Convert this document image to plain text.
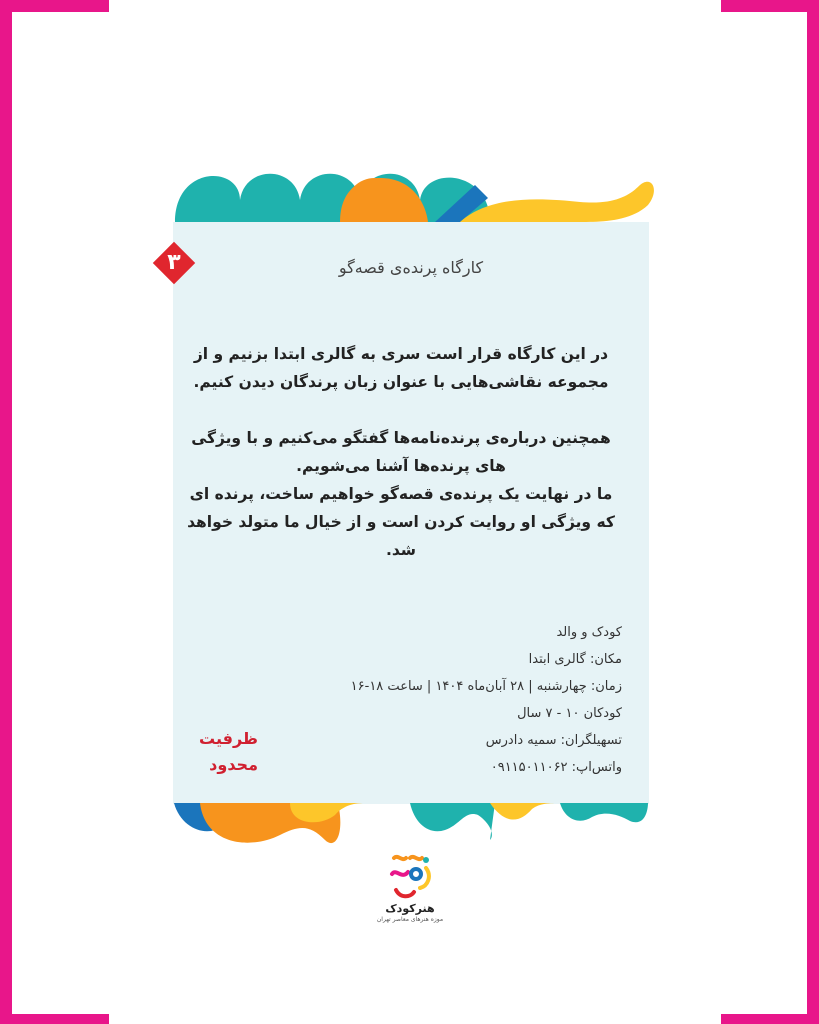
۳	کارگاه پرنده‌ی قصه‌گو

در این کارگاه قرار است سری به گالری ابتدا بزنیم و از مجموعه نقاشی‌هایی با عنوان زبان پرندگان دیدن کنیم.

همچنین درباره‌ی پرنده‌نامه‌ها گفتگو می‌کنیم و با ویژگی های پرنده‌ها آشنا می‌شویم.

ما در نهایت یک پرنده‌ی قصه‌گو خواهیم ساخت، پرنده ای که ویژگی او روایت کردن است و از خیال ما متولد خواهد شد.

کودک و والد
مکان: گالری ابتدا
زمان: چهارشنبه | ۲۸ آبان‌ماه ۱۴۰۴ | ساعت ۱۸-۱۶
کودکان ۱۰ - ۷ سال
تسهیلگران: سمیه دادرس
واتس‌اپ: ۰۹۱۱۵۰۱۱۰۶۲
ظرفیت
محدود
هنرکودک
موزه هنرهای معاصر تهران
